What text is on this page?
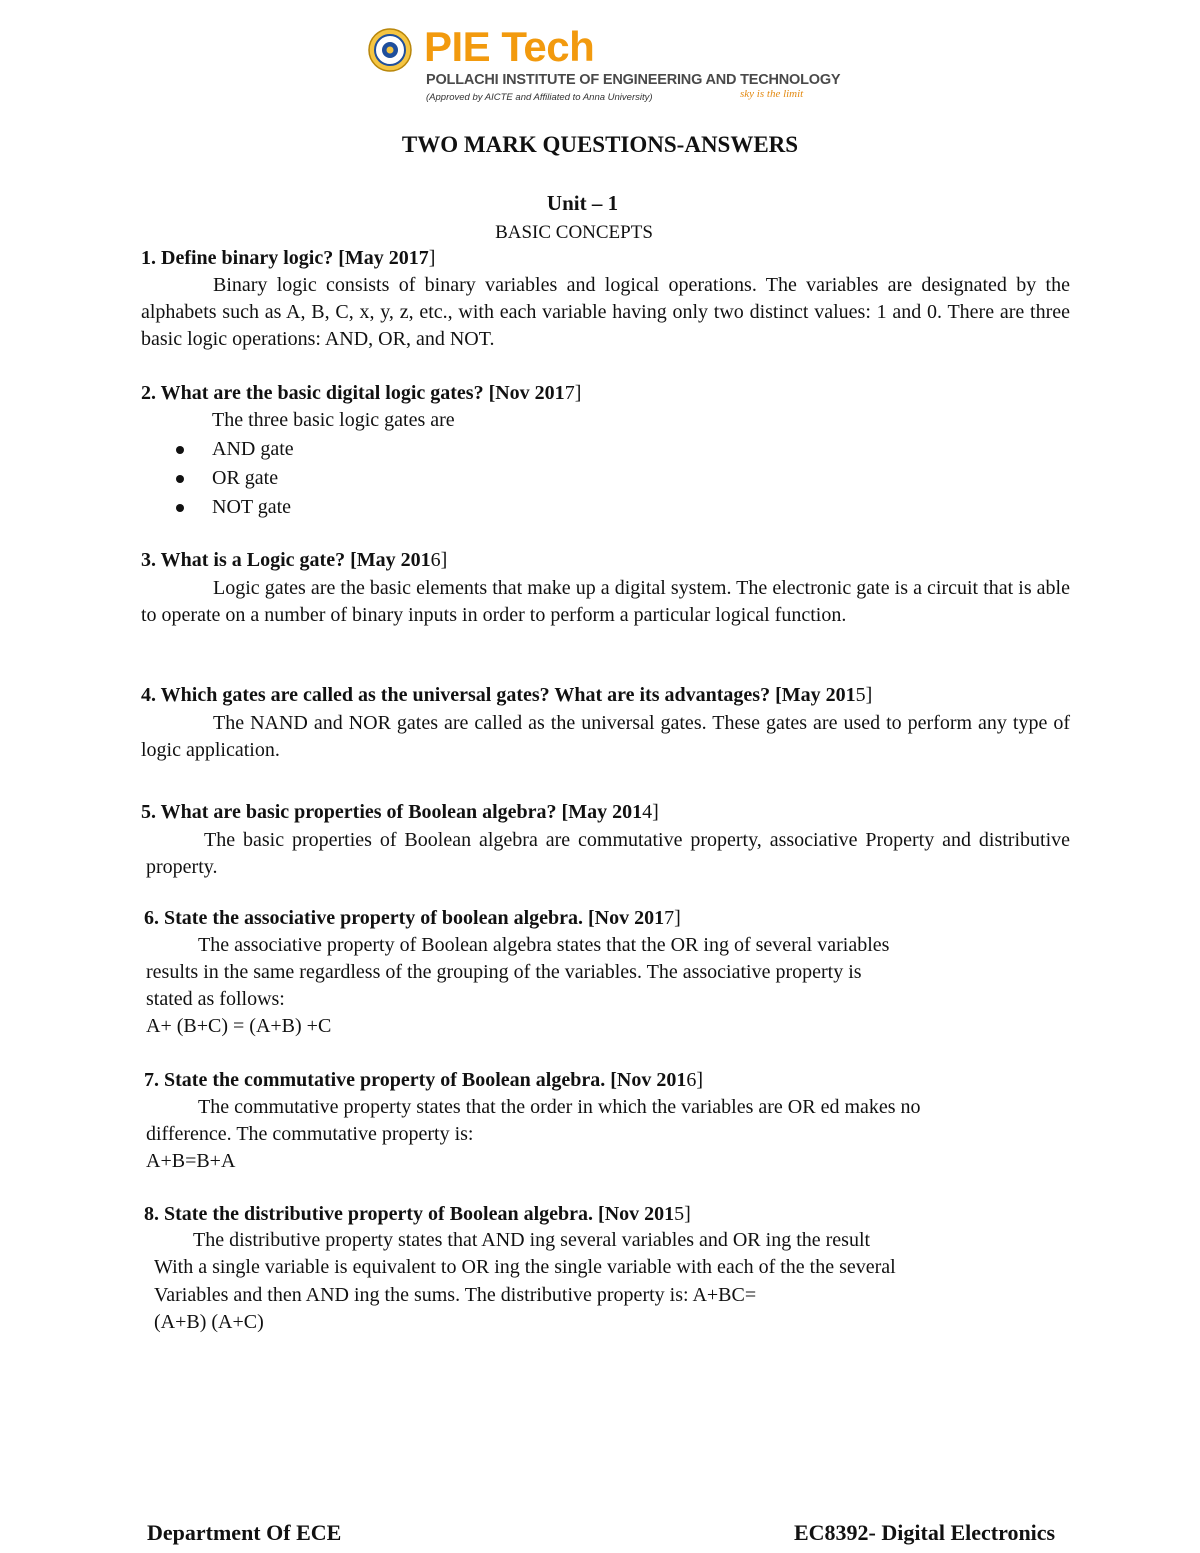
PIE Tech
POLLACHI INSTITUTE OF ENGINEERING AND TECHNOLOGY
(Approved by AICTE and Affiliated to Anna University)	sky is the limit
TWO MARK QUESTIONS-ANSWERS
Unit – 1
BASIC CONCEPTS
1. Define binary logic? [May 2017]
Binary logic consists of binary variables and logical operations. The variables are designated by the alphabets such as A, B, C, x, y, z, etc., with each variable having only two distinct values: 1 and 0. There are three basic logic operations: AND, OR, and NOT.
2. What are the basic digital logic gates? [Nov 2017]
The three basic logic gates are
AND gate
OR gate
NOT gate
3. What is a Logic gate? [May 2016]
Logic gates are the basic elements that make up a digital system. The electronic gate is a circuit that is able to operate on a number of binary inputs in order to perform a particular logical function.
4. Which gates are called as the universal gates? What are its advantages? [May 2015]
The NAND and NOR gates are called as the universal gates. These gates are used to perform any type of logic application.
5. What are basic properties of Boolean algebra? [May 2014]
The basic properties of Boolean algebra are commutative property, associative Property and distributive property.
6. State the associative property of boolean algebra. [Nov 2017]
The associative property of Boolean algebra states that the OR ing of several variables
results in the same regardless of the grouping of the variables. The associative property is
stated as follows:
A+ (B+C) = (A+B) +C
7. State the commutative property of Boolean algebra. [Nov 2016]
The commutative property states that the order in which the variables are OR ed makes no
difference. The commutative property is:
A+B=B+A
8. State the distributive property of Boolean algebra. [Nov 2015]
The distributive property states that AND ing several variables and OR ing the result
With a single variable is equivalent to OR ing the single variable with each of the the several
Variables and then AND ing the sums. The distributive property is: A+BC=
(A+B) (A+C)
Department Of ECE	EC8392- Digital Electronics
